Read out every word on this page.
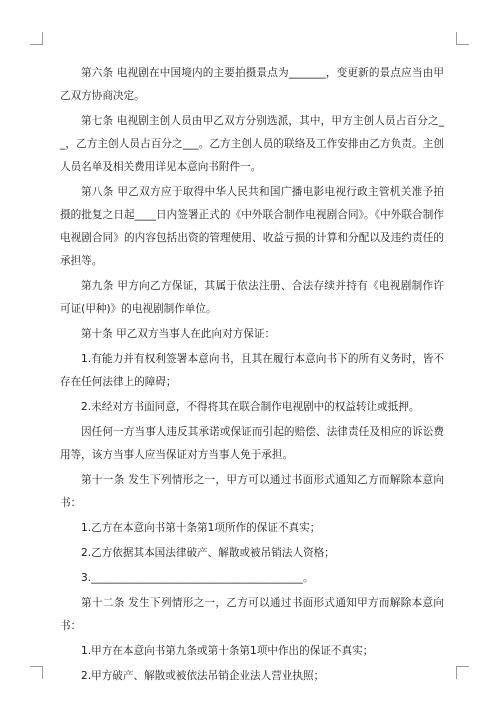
第六条 电视剧在中国境内的主要拍摄景点为_______，变更新的景点应当由甲乙双方协商决定。

第七条 电视剧主创人员由甲乙双方分别选派，其中，甲方主创人员占百分之__，乙方主创人员占百分之___。乙方主创人员的联络及工作安排由乙方负责。主创人员名单及相关费用详见本意向书附件一。

第八条 甲乙双方应于取得中华人民共和国广播电影电视行政主管机关准予拍摄的批复之日起____日内签署正式的《中外联合制作电视剧合同》。《中外联合制作电视剧合同》的内容包括出资的管理使用、收益亏损的计算和分配以及违约责任的承担等。

第九条 甲方向乙方保证，其属于依法注册、合法存续并持有《电视剧制作许可证(甲种)》的电视剧制作单位。

第十条 甲乙双方当事人在此向对方保证：

1.有能力并有权利签署本意向书，且其在履行本意向书下的所有义务时，皆不存在任何法律上的障碍；

2.未经对方书面同意，不得将其在联合制作电视剧中的权益转让或抵押。

因任何一方当事人违反其承诺或保证而引起的赔偿、法律责任及相应的诉讼费用等，该方当事人应当保证对方当事人免于承担。

第十一条 发生下列情形之一，甲方可以通过书面形式通知乙方而解除本意向书：

1.乙方在本意向书第十条第1项所作的保证不真实；

2.乙方依据其本国法律破产、解散或被吊销法人资格；

3.________________________________________。

第十二条 发生下列情形之一，乙方可以通过书面形式通知甲方而解除本意向书：

1.甲方在本意向书第九条或第十条第1项中作出的保证不真实；

2.甲方破产、解散或被依法吊销企业法人营业执照；
